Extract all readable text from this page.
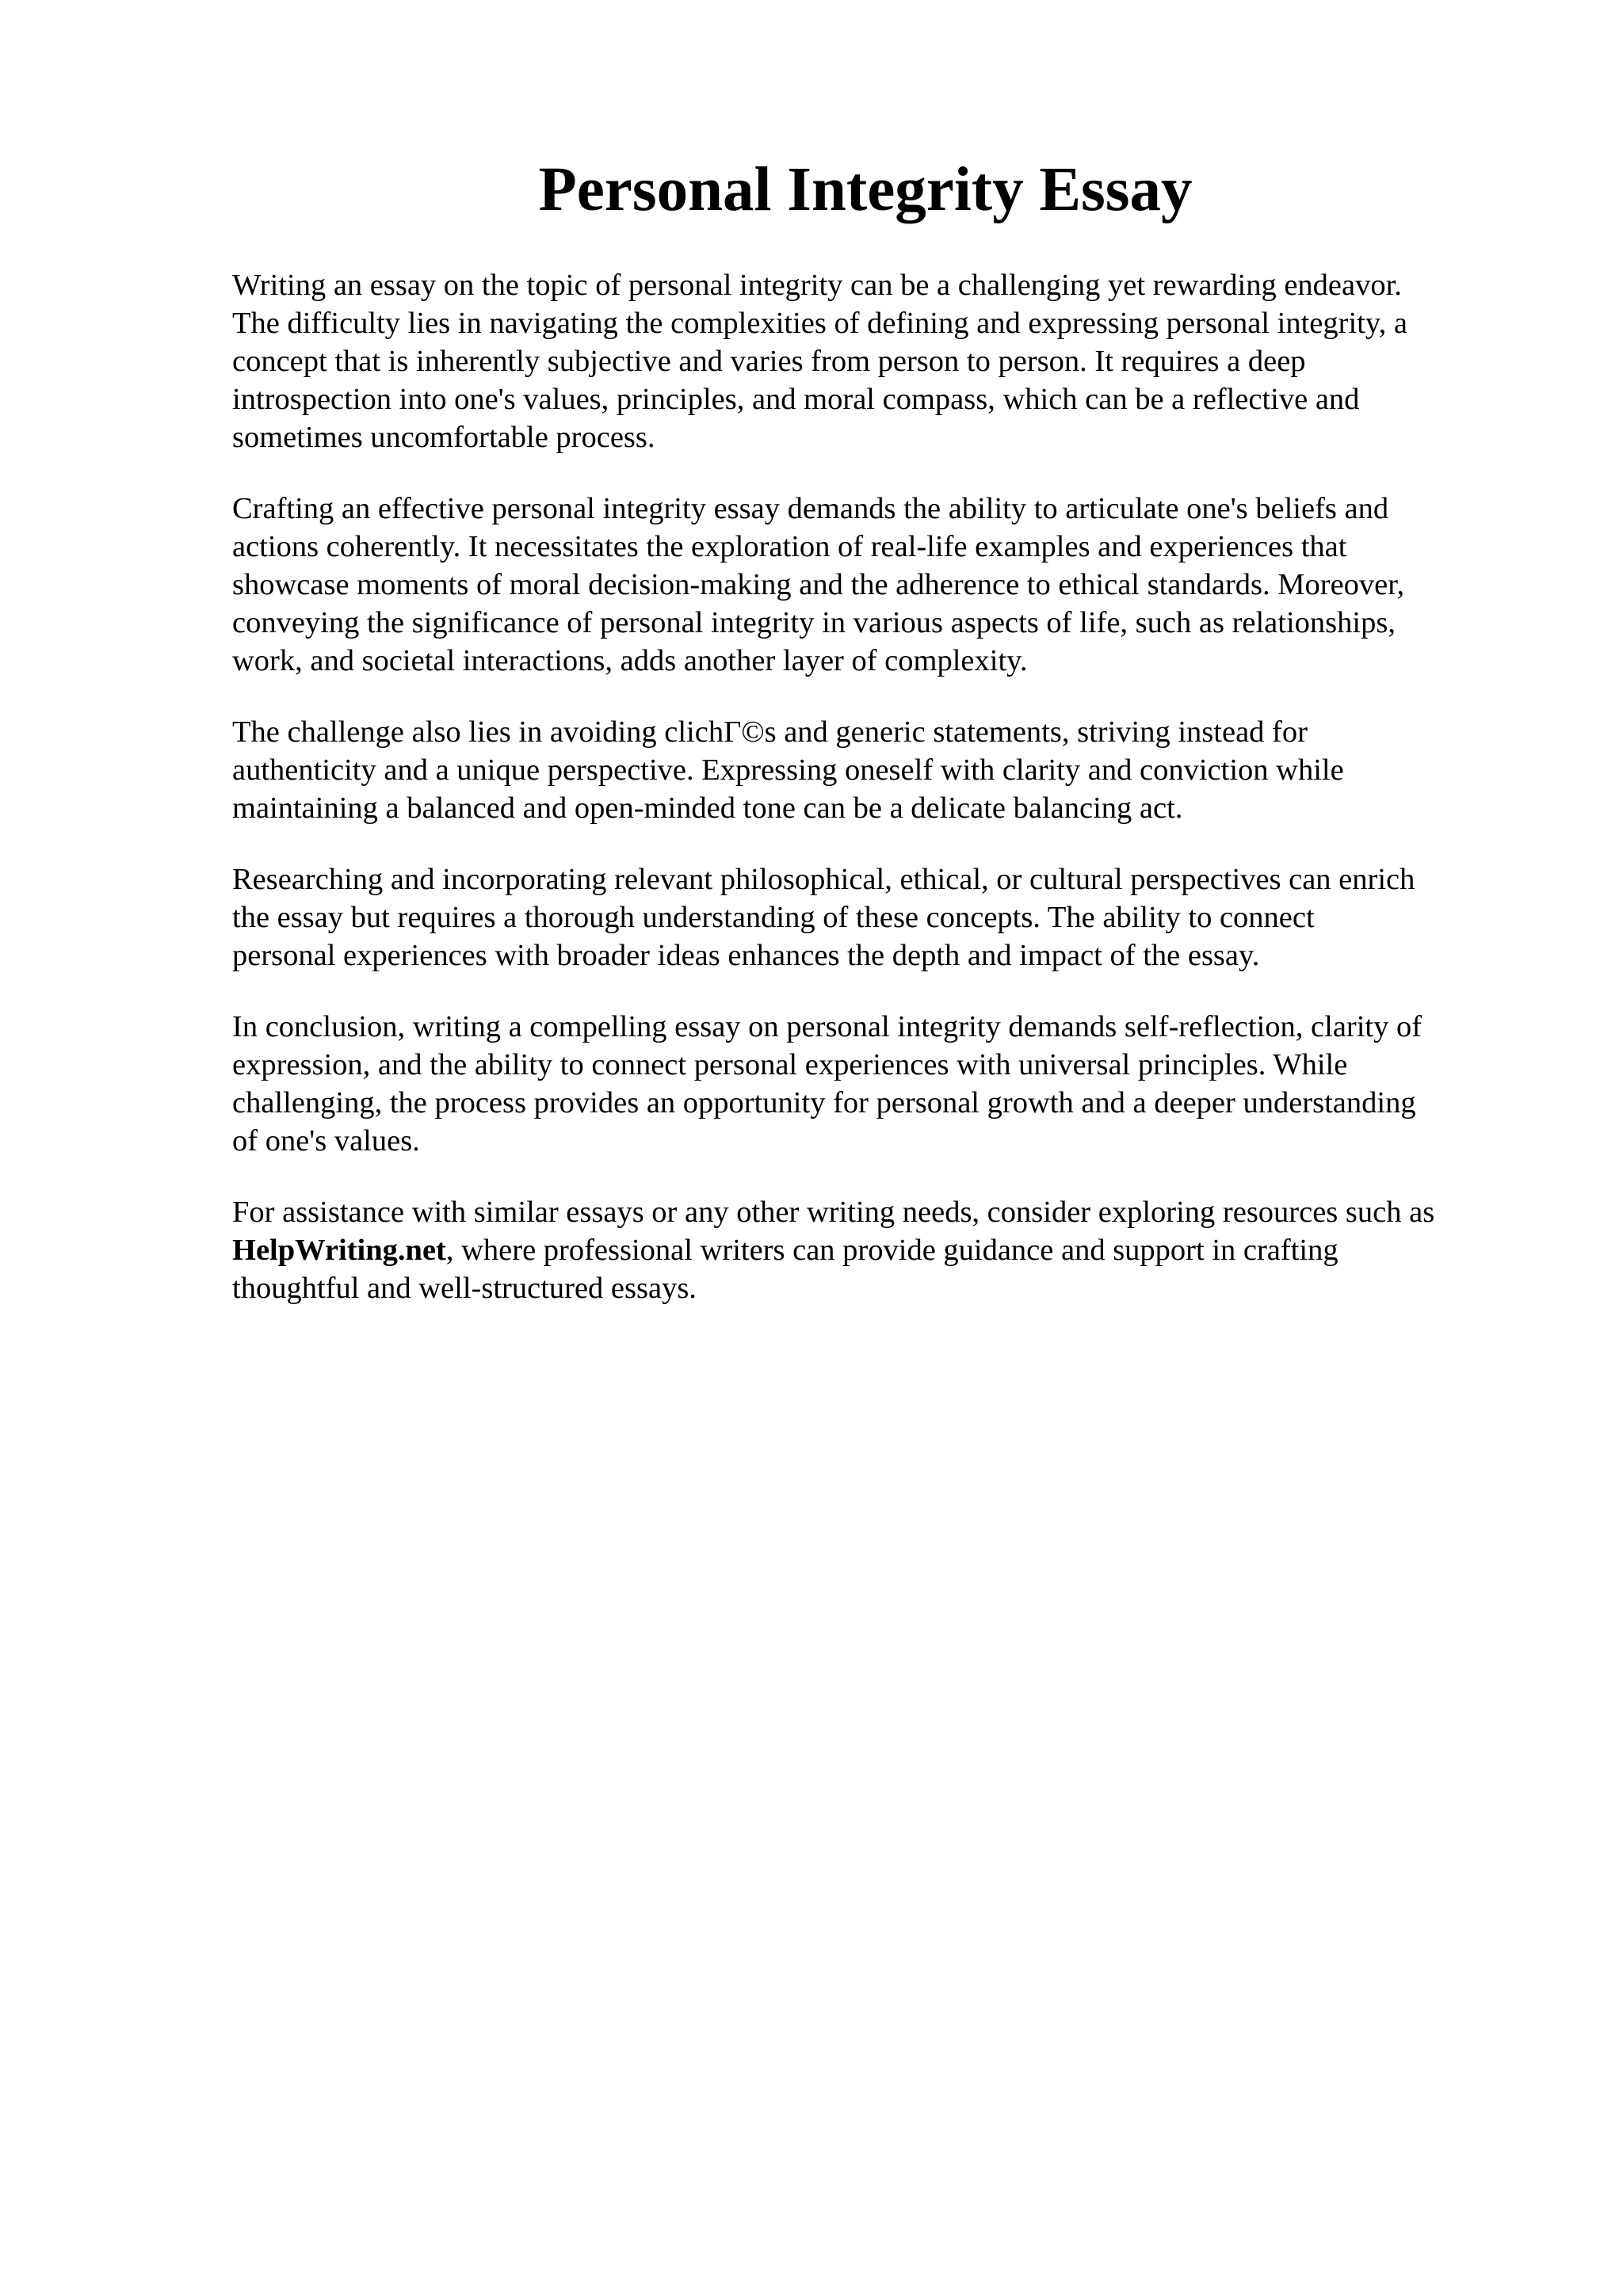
Personal Integrity Essay

Writing an essay on the topic of personal integrity can be a challenging yet rewarding endeavor.
The difficulty lies in navigating the complexities of defining and expressing personal integrity, a
concept that is inherently subjective and varies from person to person. It requires a deep
introspection into one's values, principles, and moral compass, which can be a reflective and
sometimes uncomfortable process.

Crafting an effective personal integrity essay demands the ability to articulate one's beliefs and
actions coherently. It necessitates the exploration of real-life examples and experiences that
showcase moments of moral decision-making and the adherence to ethical standards. Moreover,
conveying the significance of personal integrity in various aspects of life, such as relationships,
work, and societal interactions, adds another layer of complexity.

The challenge also lies in avoiding clichΓ©s and generic statements, striving instead for
authenticity and a unique perspective. Expressing oneself with clarity and conviction while
maintaining a balanced and open-minded tone can be a delicate balancing act.

Researching and incorporating relevant philosophical, ethical, or cultural perspectives can enrich
the essay but requires a thorough understanding of these concepts. The ability to connect
personal experiences with broader ideas enhances the depth and impact of the essay.

In conclusion, writing a compelling essay on personal integrity demands self-reflection, clarity of
expression, and the ability to connect personal experiences with universal principles. While
challenging, the process provides an opportunity for personal growth and a deeper understanding
of one's values.

For assistance with similar essays or any other writing needs, consider exploring resources such as
HelpWriting.net, where professional writers can provide guidance and support in crafting
thoughtful and well-structured essays.
